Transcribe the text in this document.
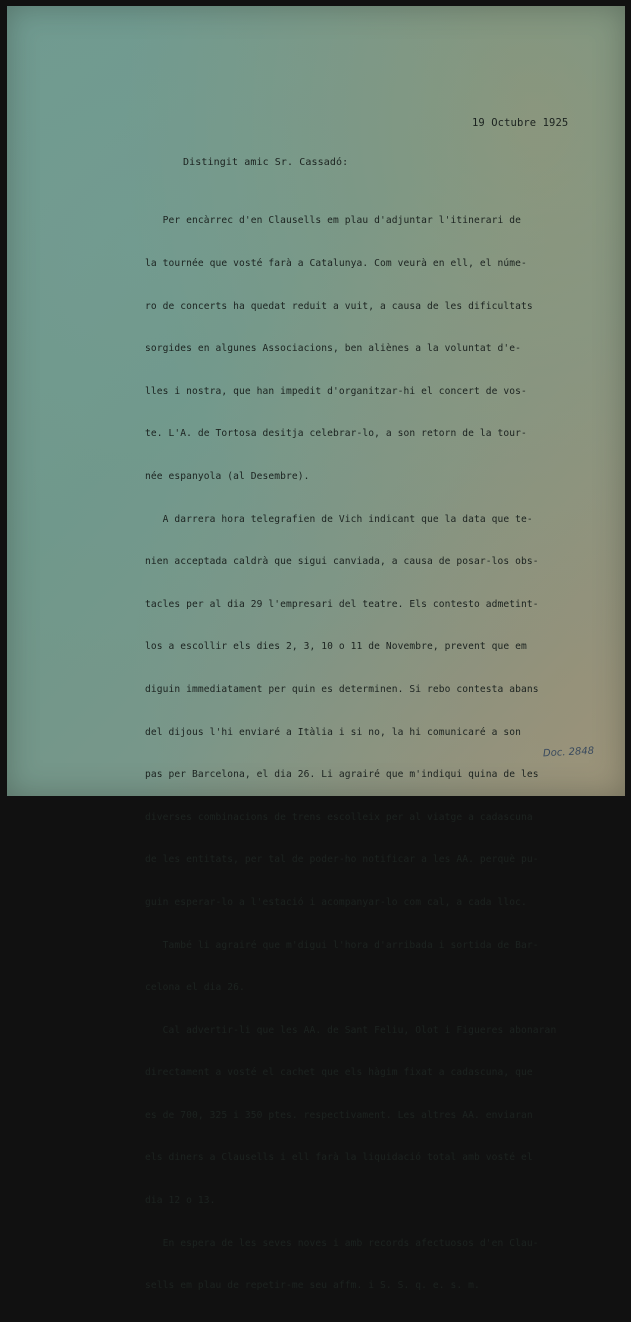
19 Octubre 1925
Distingit amic Sr. Cassadó:

Per encàrrec d'en Clausells em plau d'adjuntar l'itinerari de

la tournée que vosté farà a Catalunya. Com veurà en ell, el núme-

ro de concerts ha quedat reduit a vuit, a causa de les dificultats

sorgides en algunes Associacions, ben aliènes a la voluntat d'e-

lles i nostra, que han impedit d'organitzar-hi el concert de vos-

te. L'A. de Tortosa desitja celebrar-lo, a son retorn de la tour-

née espanyola (al Desembre).

A darrera hora telegrafien de Vich indicant que la data que te-

nien acceptada caldrà que sigui canviada, a causa de posar-los obs-

tacles per al dia 29 l'empresari del teatre. Els contesto admetint-

los a escollir els dies 2, 3, 10 o 11 de Novembre, prevent que em

diguin immediatament per quin es determinen. Si rebo contesta abans

del dijous l'hi enviaré a Itàlia i si no, la hi comunicaré a son

pas per Barcelona, el dia 26. Li agrairé que m'indiqui quina de les

diverses combinacions de trens escolleix per al viatge a cadascuna

de les entitats, per tal de poder-ho notificar a les AA. perquè pu-

guin esperar-lo a l'estació i acompanyar-lo com cal, a cada lloc.

També li agrairé que m'digui l'hora d'arribada i sortida de Bar-

celona el dia 26.

Cal advertir-li que les AA. de Sant Feliu, Olot i Figueres abonaran

directament a vosté el cachet que els hàgim fixat a cadascuna, que

es de 700, 325 i 350 ptes. respectivament. Les altres AA. enviaran

els diners a Clausells i ell farà la liquidació total amb vosté el

dia 12 o 13.

En espera de les seves noves i amb records afectuosos d'en Clau-

sells em plau de repetir-me seu affm. i S. S. q. e. s. m.

Doc. 2848
